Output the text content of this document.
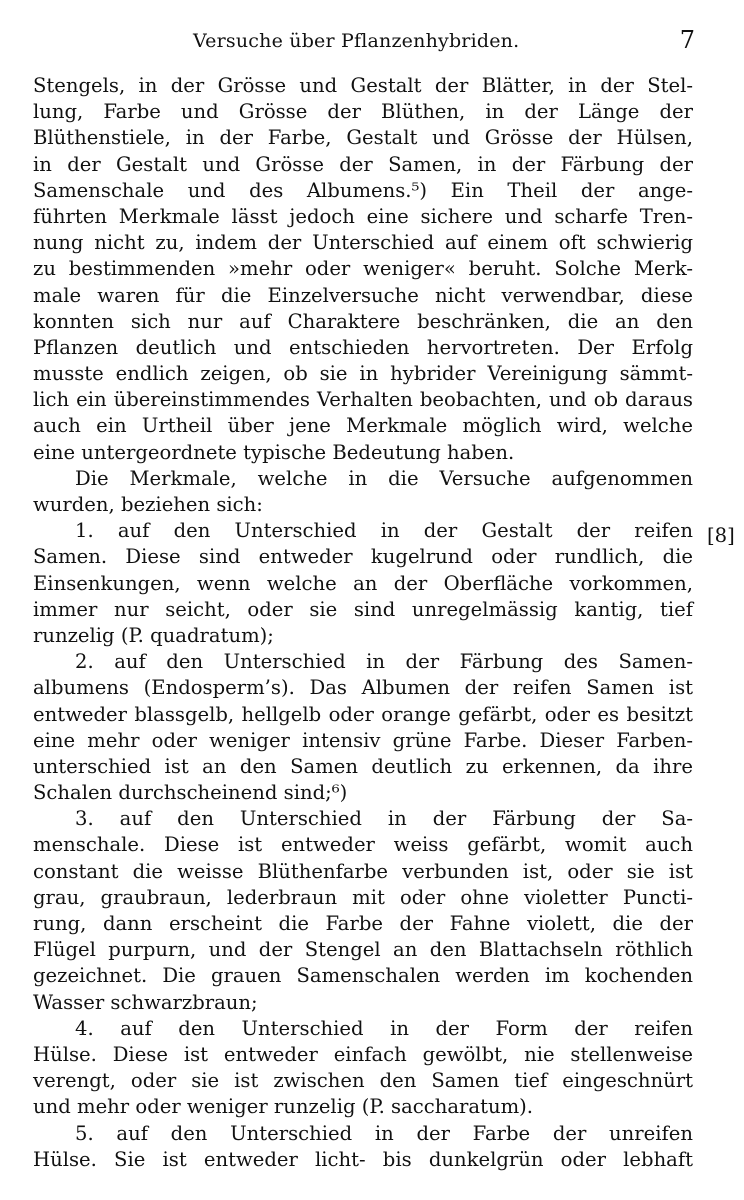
Versuche über Pflanzenhybriden.	7
[8]
Stengels, in der Grösse und Gestalt der Blätter, in der Stel-
lung, Farbe und Grösse der Blüthen, in der Länge der
Blüthenstiele, in der Farbe, Gestalt und Grösse der Hülsen,
in der Gestalt und Grösse der Samen, in der Färbung der
Samenschale und des Albumens.⁵) Ein Theil der ange-
führten Merkmale lässt jedoch eine sichere und scharfe Tren-
nung nicht zu, indem der Unterschied auf einem oft schwierig
zu bestimmenden »mehr oder weniger« beruht. Solche Merk-
male waren für die Einzelversuche nicht verwendbar, diese
konnten sich nur auf Charaktere beschränken, die an den
Pflanzen deutlich und entschieden hervortreten. Der Erfolg
musste endlich zeigen, ob sie in hybrider Vereinigung sämmt-
lich ein übereinstimmendes Verhalten beobachten, und ob daraus
auch ein Urtheil über jene Merkmale möglich wird, welche
eine untergeordnete typische Bedeutung haben.
Die Merkmale, welche in die Versuche aufgenommen
wurden, beziehen sich:
1. auf den Unterschied in der Gestalt der reifen
Samen. Diese sind entweder kugelrund oder rundlich, die
Einsenkungen, wenn welche an der Oberfläche vorkommen,
immer nur seicht, oder sie sind unregelmässig kantig, tief
runzelig (P. quadratum);
2. auf den Unterschied in der Färbung des Samen-
albumens (Endosperm’s). Das Albumen der reifen Samen ist
entweder blassgelb, hellgelb oder orange gefärbt, oder es besitzt
eine mehr oder weniger intensiv grüne Farbe. Dieser Farben-
unterschied ist an den Samen deutlich zu erkennen, da ihre
Schalen durchscheinend sind;⁶)
3. auf den Unterschied in der Färbung der Sa-
menschale. Diese ist entweder weiss gefärbt, womit auch
constant die weisse Blüthenfarbe verbunden ist, oder sie ist
grau, graubraun, lederbraun mit oder ohne violetter Puncti-
rung, dann erscheint die Farbe der Fahne violett, die der
Flügel purpurn, und der Stengel an den Blattachseln röthlich
gezeichnet. Die grauen Samenschalen werden im kochenden
Wasser schwarzbraun;
4. auf den Unterschied in der Form der reifen
Hülse. Diese ist entweder einfach gewölbt, nie stellenweise
verengt, oder sie ist zwischen den Samen tief eingeschnürt
und mehr oder weniger runzelig (P. saccharatum).
5. auf den Unterschied in der Farbe der unreifen
Hülse. Sie ist entweder licht- bis dunkelgrün oder lebhaft
